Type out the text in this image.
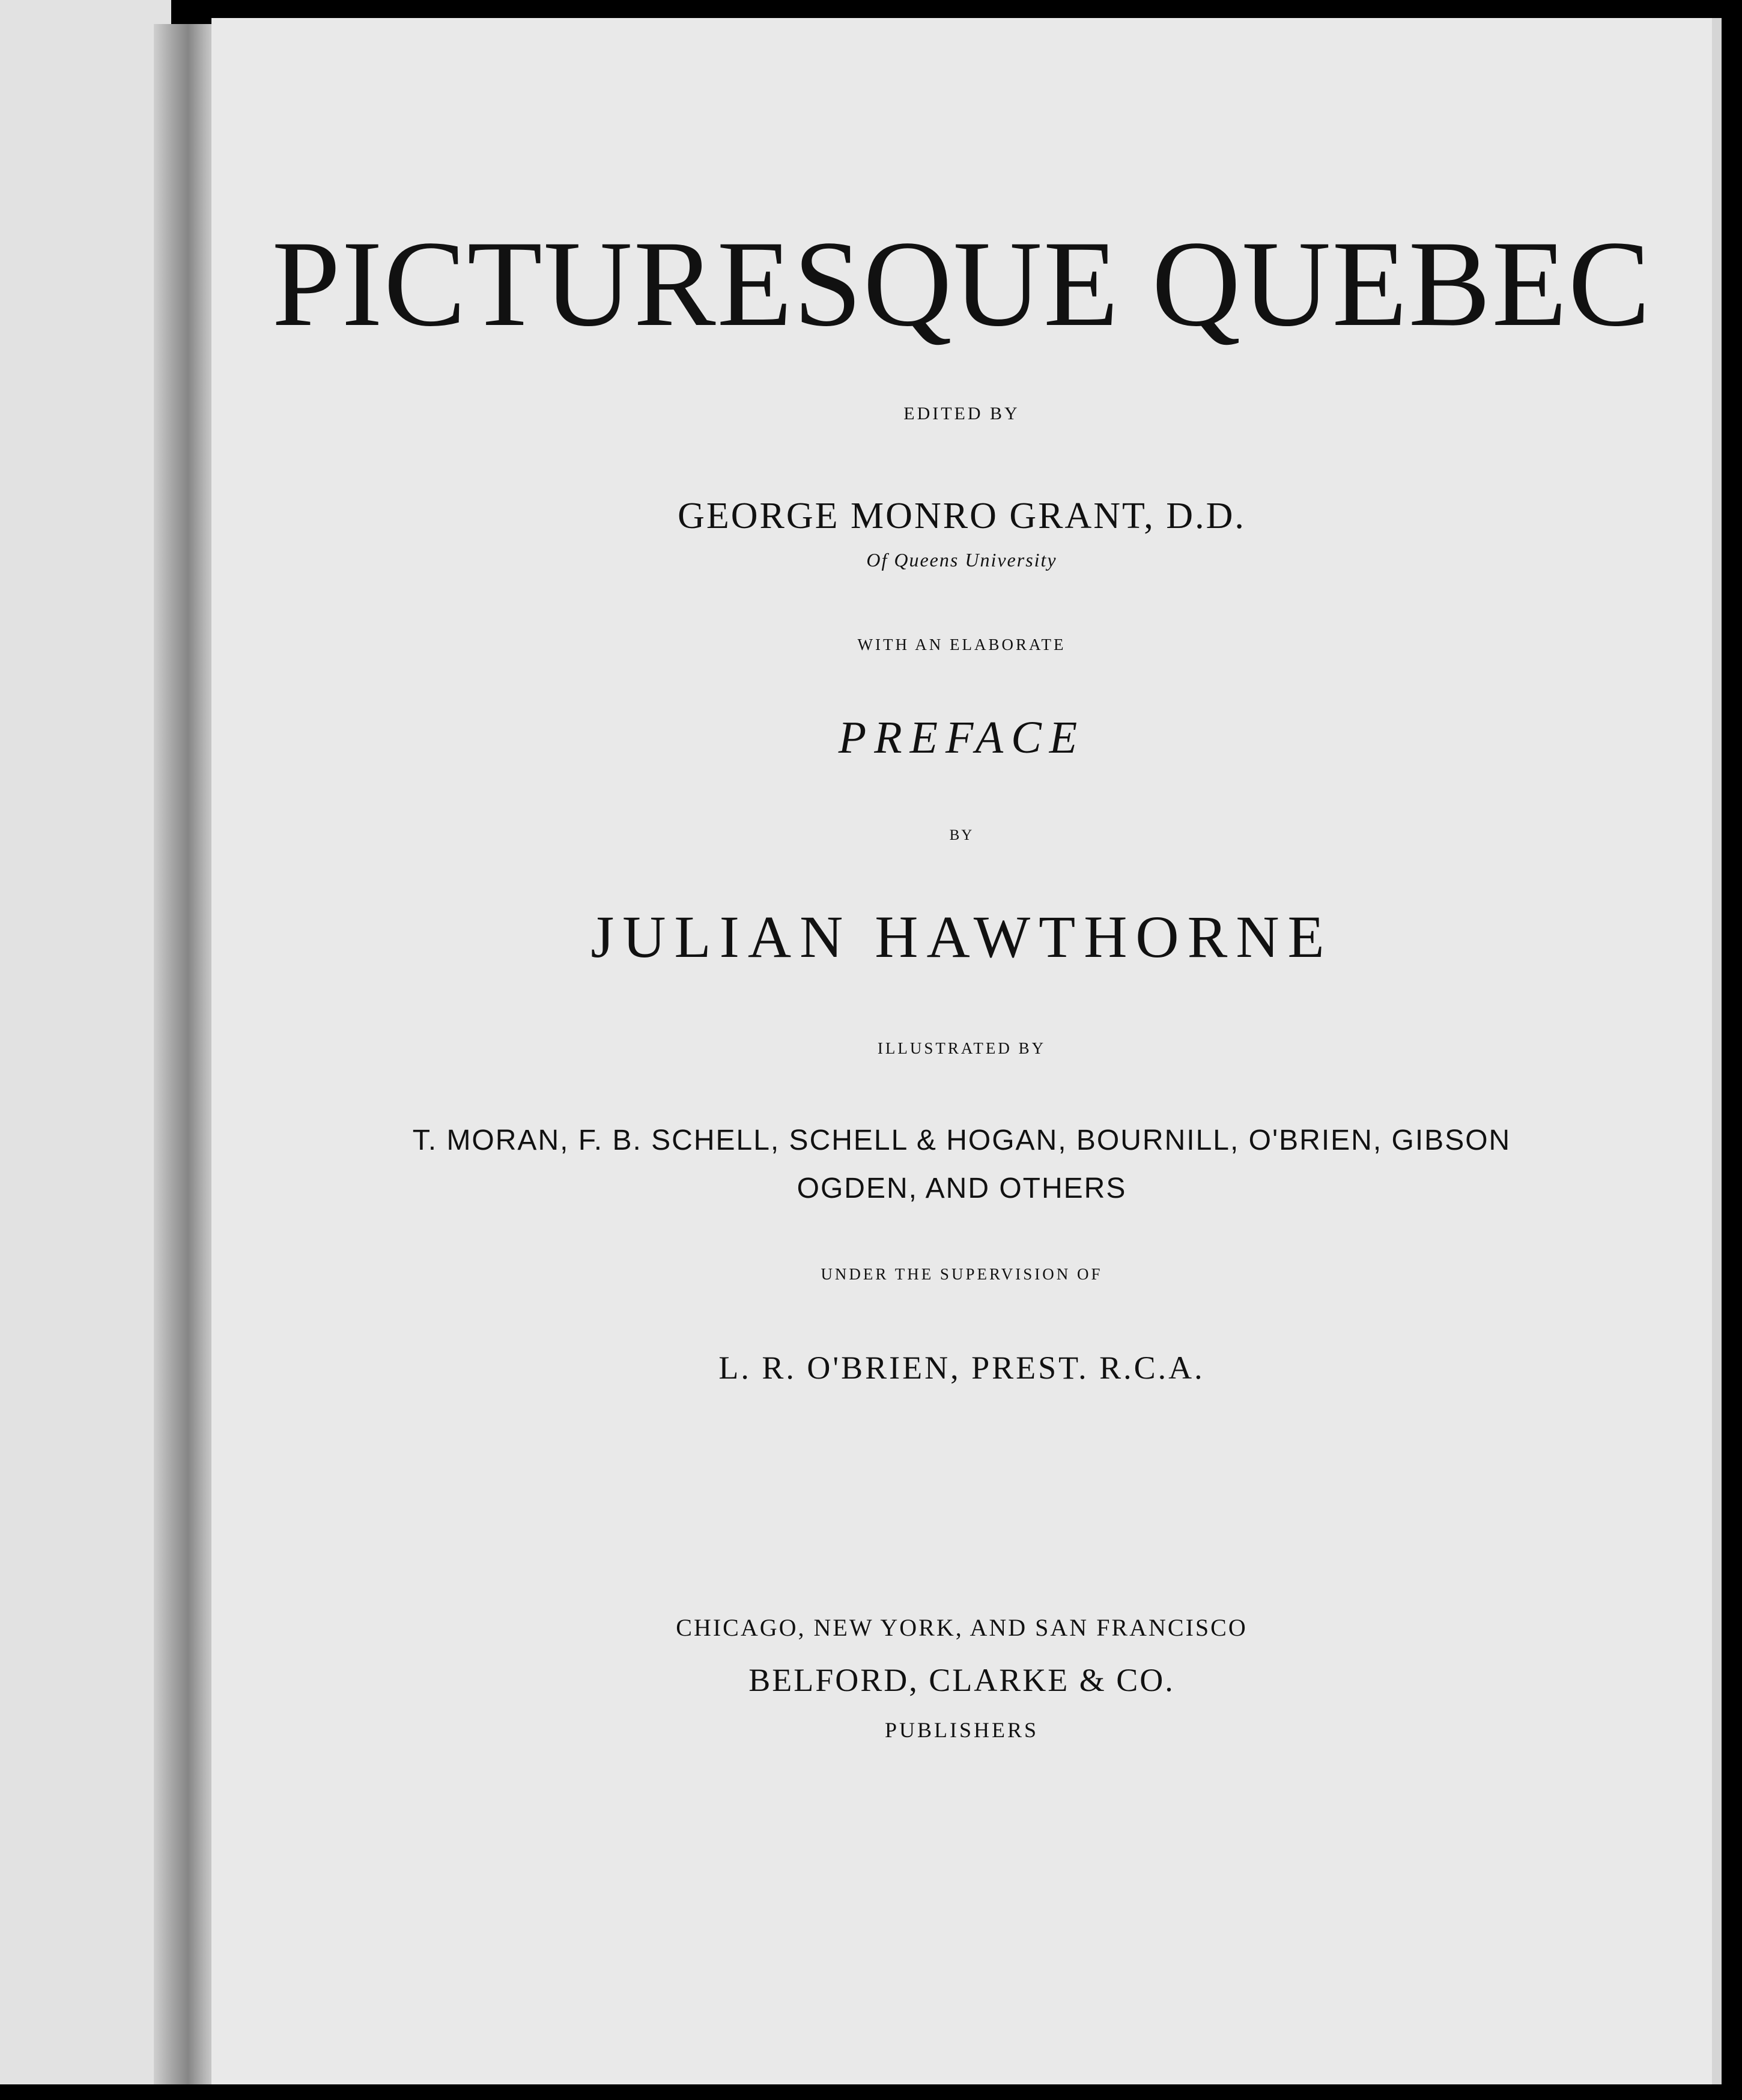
PICTURESQUE QUEBEC
EDITED BY
GEORGE MONRO GRANT, D.D.
Of Queens University
WITH AN ELABORATE
PREFACE
BY
JULIAN HAWTHORNE
ILLUSTRATED BY
T. MORAN, F. B. SCHELL, SCHELL & HOGAN, BOURNILL, O'BRIEN, GIBSON
OGDEN, AND OTHERS
UNDER THE SUPERVISION OF
L. R. O'BRIEN, PREST. R.C.A.
CHICAGO, NEW YORK, AND SAN FRANCISCO
BELFORD, CLARKE & CO.
PUBLISHERS
